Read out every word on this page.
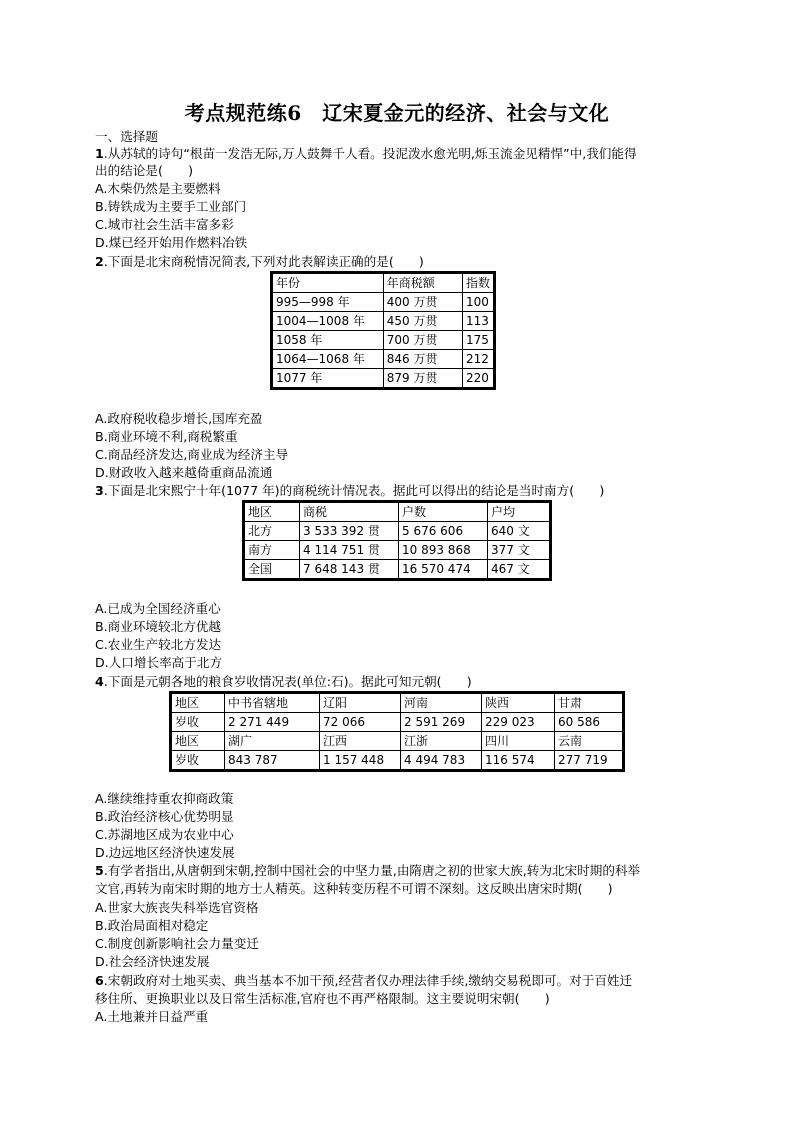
考点规范练6　辽宋夏金元的经济、社会与文化
一、选择题
1.从苏轼的诗句“根苗一发浩无际,万人鼓舞千人看。投泥泼水愈光明,烁玉流金见精悍”中,我们能得
出的结论是(　　)
A.木柴仍然是主要燃料
B.铸铁成为主要手工业部门
C.城市社会生活丰富多彩
D.煤已经开始用作燃料冶铁
2.下面是北宋商税情况简表,下列对此表解读正确的是(　　)
年份	年商税额	指数
995—998 年	400 万贯	100
1004—1008 年	450 万贯	113
1058 年	700 万贯	175
1064—1068 年	846 万贯	212
1077 年	879 万贯	220
A.政府税收稳步增长,国库充盈
B.商业环境不利,商税繁重
C.商品经济发达,商业成为经济主导
D.财政收入越来越倚重商品流通
3.下面是北宋熙宁十年(1077 年)的商税统计情况表。据此可以得出的结论是当时南方(　　)
地区	商税	户数	户均
北方	3 533 392 贯	5 676 606	640 文
南方	4 114 751 贯	10 893 868	377 文
全国	7 648 143 贯	16 570 474	467 文
A.已成为全国经济重心
B.商业环境较北方优越
C.农业生产较北方发达
D.人口增长率高于北方
4.下面是元朝各地的粮食岁收情况表(单位:石)。据此可知元朝(　　)
地区	中书省辖地	辽阳	河南	陕西	甘肃
岁收	2 271 449	72 066	2 591 269	229 023	60 586
地区	湖广	江西	江浙	四川	云南
岁收	843 787	1 157 448	4 494 783	116 574	277 719
A.继续维持重农抑商政策
B.政治经济核心优势明显
C.苏湖地区成为农业中心
D.边远地区经济快速发展
5.有学者指出,从唐朝到宋朝,控制中国社会的中坚力量,由隋唐之初的世家大族,转为北宋时期的科举
文官,再转为南宋时期的地方士人精英。这种转变历程不可谓不深刻。这反映出唐宋时期(　　)
A.世家大族丧失科举选官资格
B.政治局面相对稳定
C.制度创新影响社会力量变迁
D.社会经济快速发展
6.宋朝政府对土地买卖、典当基本不加干预,经营者仅办理法律手续,缴纳交易税即可。对于百姓迁
移住所、更换职业以及日常生活标准,官府也不再严格限制。这主要说明宋朝(　　)
A.土地兼并日益严重
